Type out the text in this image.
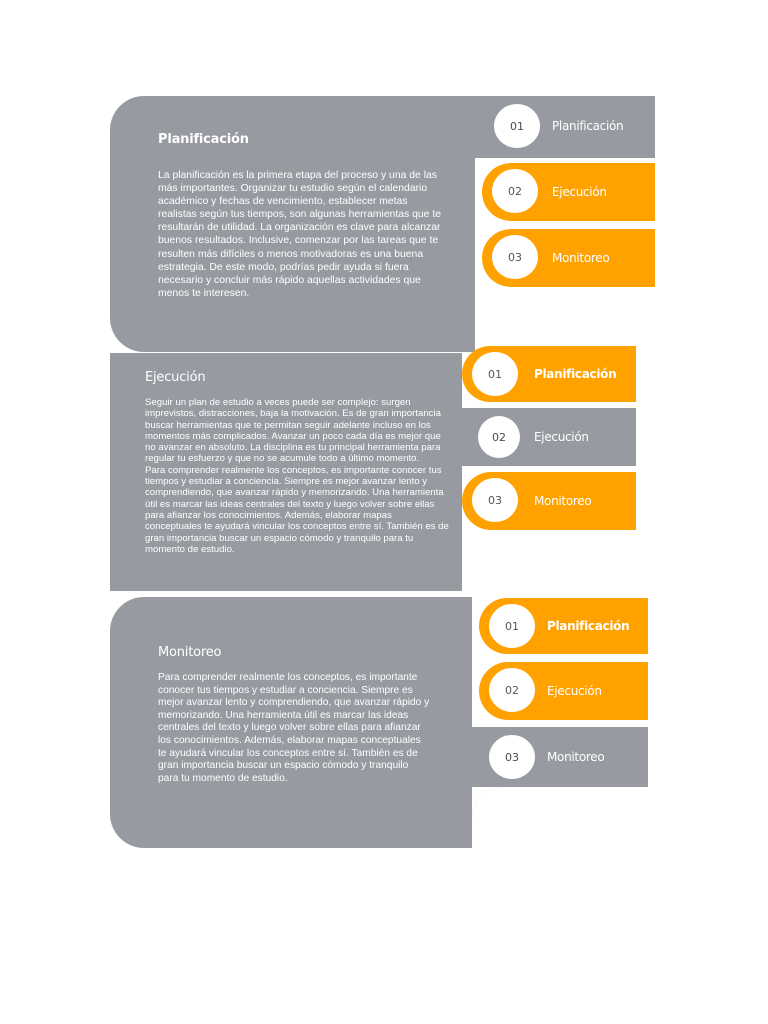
Planificación

La planificación es la primera etapa del proceso y una de las más importantes. Organizar tu estudio según el calendario académico y fechas de vencimiento, establecer metas realistas según tus tiempos, son algunas herramientas que te resultarán de utilidad. La organización es clave para alcanzar buenos resultados. Inclusive, comenzar por las tareas que te resulten más difíciles o menos motivadoras es una buena estrategia. De este modo, podrías pedir ayuda si fuera necesario y concluir más rápido aquellas actividades que menos te interesen.

01	Planificación
02	Ejecución
03	Monitoreo

Ejecución

Seguir un plan de estudio a veces puede ser complejo: surgen imprevistos, distracciones, baja la motivación. Es de gran importancia buscar herramientas que te permitan seguir adelante incluso en los momentos más complicados. Avanzar un poco cada día es mejor que no avanzar en absoluto. La disciplina es tu principal herramienta para regular tu esfuerzo y que no se acumule todo a último momento.
Para comprender realmente los conceptos, es importante conocer tus tiempos y estudiar a conciencia. Siempre es mejor avanzar lento y comprendiendo, que avanzar rápido y memorizando. Una herramienta útil es marcar las ideas centrales del texto y luego volver sobre ellas para afianzar los conocimientos. Además, elaborar mapas conceptuales te ayudará vincular los conceptos entre sí. También es de gran importancia buscar un espacio cómodo y tranquilo para tu momento de estudio.

01	Planificación
02	Ejecución
03	Monitoreo

Monitoreo

Para comprender realmente los conceptos, es importante conocer tus tiempos y estudiar a conciencia. Siempre es mejor avanzar lento y comprendiendo, que avanzar rápido y memorizando. Una herramienta útil es marcar las ideas centrales del texto y luego volver sobre ellas para afianzar los conocimientos. Además, elaborar mapas conceptuales te ayudará vincular los conceptos entre sí. También es de gran importancia buscar un espacio cómodo y tranquilo para tu momento de estudio.

01	Planificación
02	Ejecución
03	Monitoreo
